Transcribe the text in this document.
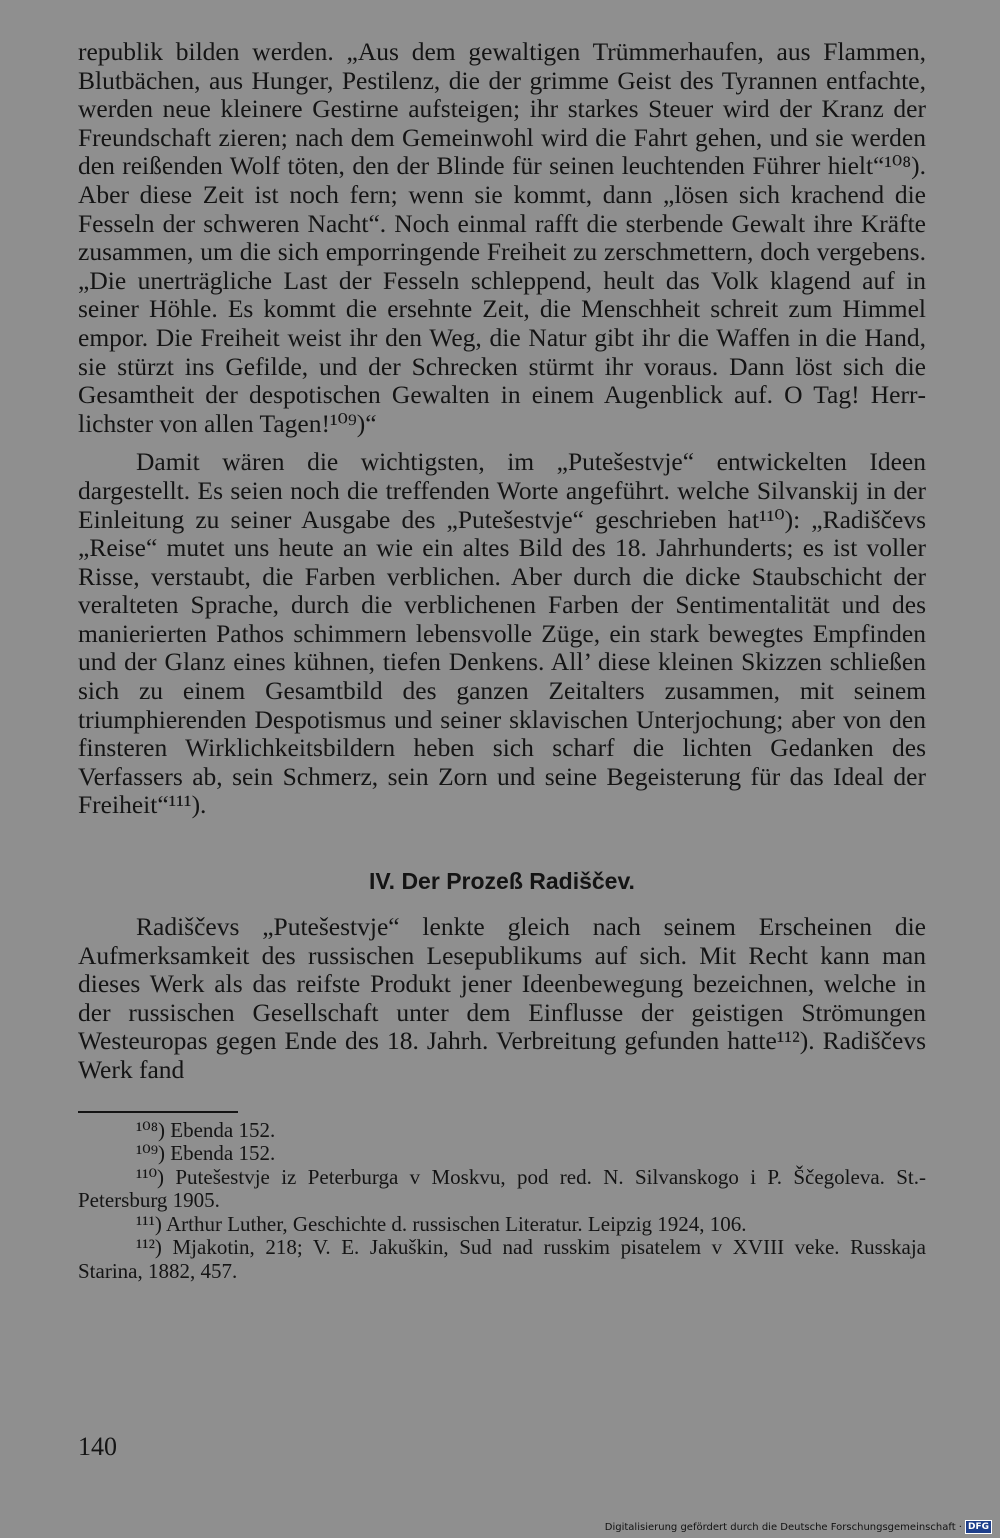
republik bilden werden. „Aus dem gewaltigen Trümmerhaufen, aus Flammen, Blutbächen, aus Hunger, Pestilenz, die der grimme Geist des Tyrannen entfachte, werden neue kleinere Gestirne aufsteigen; ihr starkes Steuer wird der Kranz der Freundschaft zieren; nach dem Gemeinwohl wird die Fahrt gehen, und sie werden den reißenden Wolf töten, den der Blinde für seinen leuchtenden Führer hielt“¹⁰⁸). Aber diese Zeit ist noch fern; wenn sie kommt, dann „lösen sich krachend die Fesseln der schweren Nacht“. Noch einmal rafft die sterbende Gewalt ihre Kräfte zusammen, um die sich emporringende Freiheit zu zerschmettern, doch vergebens. „Die unerträgliche Last der Fesseln schleppend, heult das Volk klagend auf in seiner Höhle. Es kommt die ersehnte Zeit, die Menschheit schreit zum Himmel empor. Die Freiheit weist ihr den Weg, die Natur gibt ihr die Waffen in die Hand, sie stürzt ins Gefilde, und der Schrecken stürmt ihr voraus. Dann löst sich die Gesamtheit der despotischen Gewalten in einem Augenblick auf. O Tag! Herrlichster von allen Tagen!¹⁰⁹)“

Damit wären die wichtigsten, im „Putešestvje“ entwickelten Ideen dargestellt. Es seien noch die treffenden Worte angeführt. welche Silvanskij in der Einleitung zu seiner Ausgabe des „Putešestvje“ geschrieben hat¹¹⁰): „Radiščevs „Reise“ mutet uns heute an wie ein altes Bild des 18. Jahrhunderts; es ist voller Risse, verstaubt, die Farben verblichen. Aber durch die dicke Staubschicht der veralteten Sprache, durch die verblichenen Farben der Sentimentalität und des manierierten Pathos schimmern lebensvolle Züge, ein stark bewegtes Empfinden und der Glanz eines kühnen, tiefen Denkens. All’ diese kleinen Skizzen schließen sich zu einem Gesamtbild des ganzen Zeitalters zusammen, mit seinem triumphierenden Despotismus und seiner sklavischen Unterjochung; aber von den finsteren Wirklichkeitsbildern heben sich scharf die lichten Gedanken des Verfassers ab, sein Schmerz, sein Zorn und seine Begeisterung für das Ideal der Freiheit“¹¹¹).

IV. Der Prozeß Radiščev.

Radiščevs „Putešestvje“ lenkte gleich nach seinem Erscheinen die Aufmerksamkeit des russischen Lesepublikums auf sich. Mit Recht kann man dieses Werk als das reifste Produkt jener Ideenbewegung bezeichnen, welche in der russischen Gesellschaft unter dem Einflusse der geistigen Strömungen Westeuropas gegen Ende des 18. Jahrh. Verbreitung gefunden hatte¹¹²). Radiščevs Werk fand

¹⁰⁸) Ebenda 152.

¹⁰⁹) Ebenda 152.

¹¹⁰) Putešestvje iz Peterburga v Moskvu, pod red. N. Silvanskogo i P. Ščegoleva. St.-Petersburg 1905.

¹¹¹) Arthur Luther, Geschichte d. russischen Literatur. Leipzig 1924, 106.

¹¹²) Mjakotin, 218; V. E. Jakuškin, Sud nad russkim pisatelem v XVIII veke. Russkaja Starina, 1882, 457.

140
Digitalisierung gefördert durch die Deutsche Forschungsgemeinschaft · DFG
